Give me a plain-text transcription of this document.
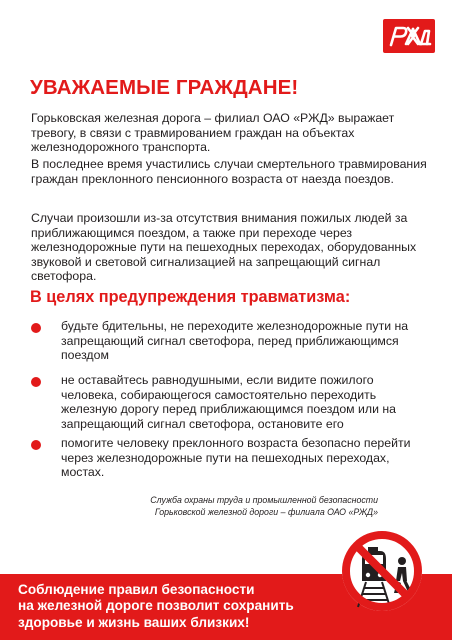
УВАЖАЕМЫЕ ГРАЖДАНЕ!

Горьковская железная дорога – филиал ОАО «РЖД» выражает тревогу, в связи с травмированием граждан на объектах железнодорожного транспорта.

В последнее время участились случаи смертельного травмирования граждан преклонного пенсионного возраста от наезда поездов.

Случаи произошли из-за отсутствия внимания пожилых людей за приближающимся поездом, а также при переходе через железнодорожные пути на пешеходных переходах, оборудованных звуковой и световой сигнализацией на запрещающий сигнал светофора.

В целях предупреждения травматизма:

будьте бдительны, не переходите железнодорожные пути на запрещающий сигнал светофора, перед приближающимся поездом

не оставайтесь равнодушными, если видите пожилого человека, собирающегося самостоятельно переходить железную дорогу перед приближающимся поездом или на запрещающий сигнал светофора, остановите его

помогите человеку преклонного возраста безопасно перейти через железнодорожные пути на пешеходных переходах, мостах.

Служба охраны труда и промышленной безопасности
Горьковской железной дороги – филиала ОАО «РЖД»

Соблюдение правил безопасности
на железной дороге позволит сохранить
здоровье и жизнь ваших близких!
